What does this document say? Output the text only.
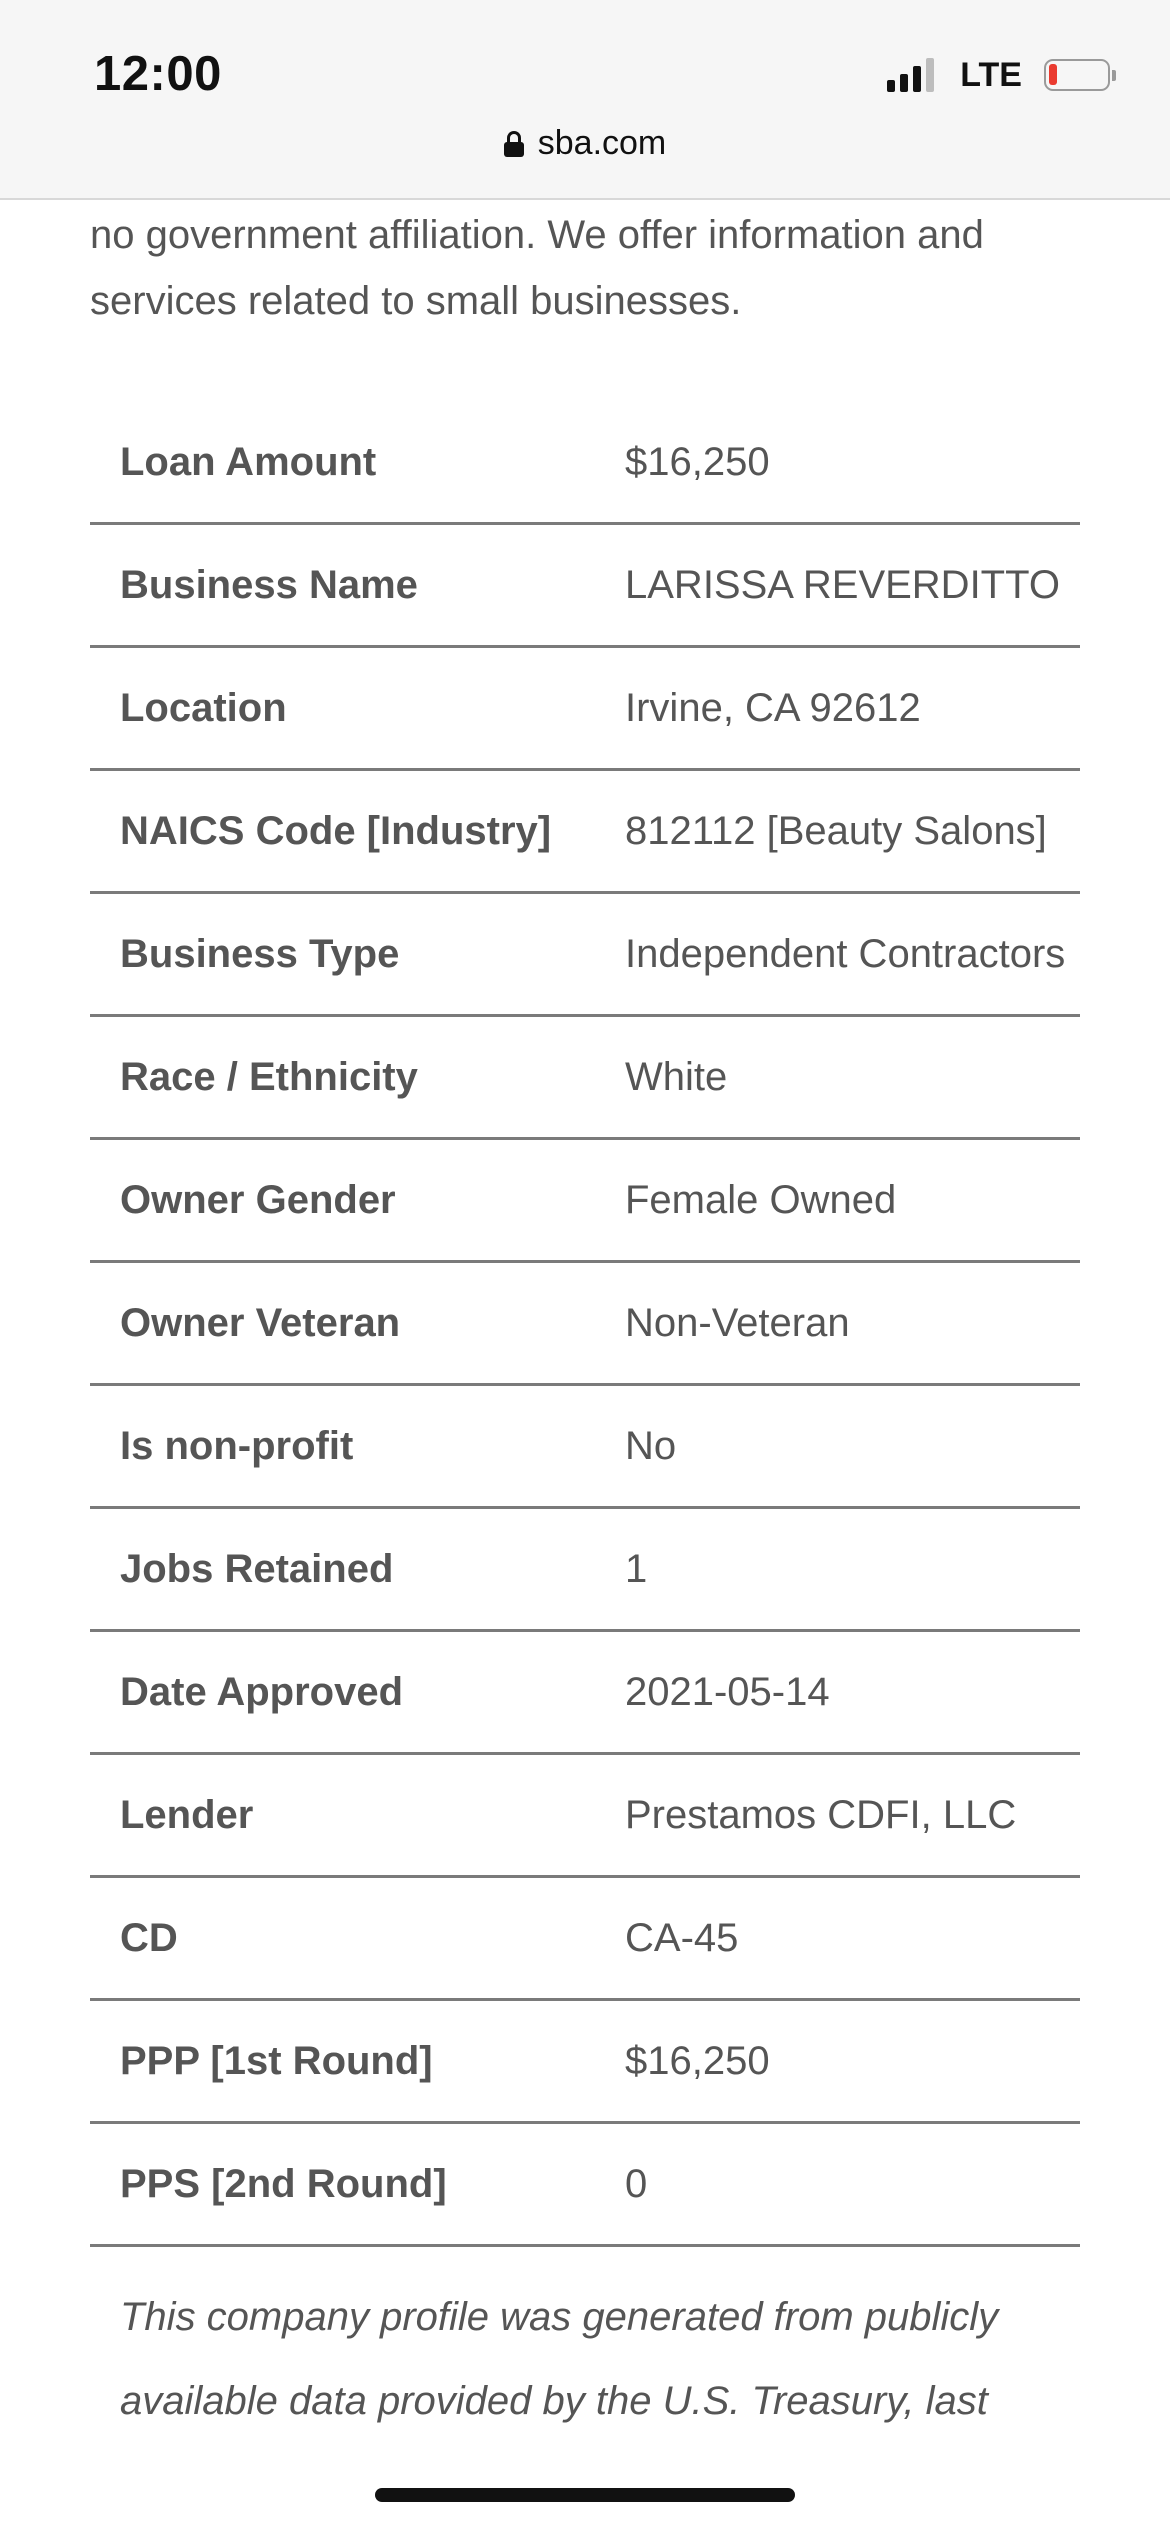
12:00	LTE
sba.com

no government affiliation. We offer information and services related to small businesses.

Loan Amount	$16,250
Business Name	LARISSA REVERDITTO
Location	Irvine, CA 92612
NAICS Code [Industry]	812112 [Beauty Salons]
Business Type	Independent Contractors
Race / Ethnicity	White
Owner Gender	Female Owned
Owner Veteran	Non-Veteran
Is non-profit	No
Jobs Retained	1
Date Approved	2021-05-14
Lender	Prestamos CDFI, LLC
CD	CA-45
PPP [1st Round]	$16,250
PPS [2nd Round]	0

This company profile was generated from publicly available data provided by the U.S. Treasury, last
